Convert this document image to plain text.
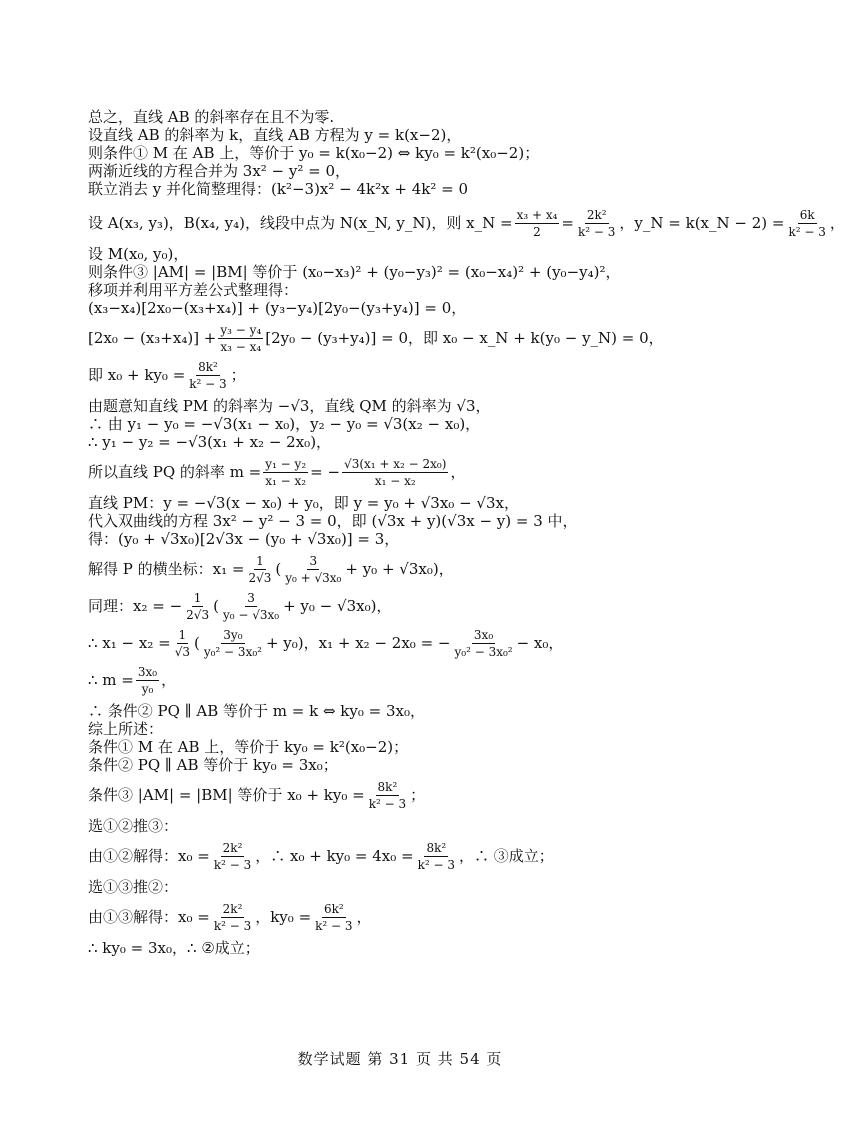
总之，直线 AB 的斜率存在且不为零.

设直线 AB 的斜率为 k，直线 AB 方程为 y = k(x−2)，

则条件① M 在 AB 上，等价于 y₀ = k(x₀−2) ⇔ ky₀ = k²(x₀−2)；

两渐近线的方程合并为 3x² − y² = 0，

联立消去 y 并化简整理得：(k²−3)x² − 4k²x + 4k² = 0

设 A(x₃, y₃)，B(x₄, y₄)，线段中点为 N(x_N, y_N)，则 x_N = $\frac{\text{x₃ + x₄}}{2} = \frac{\text{2k²}}{\text{k² − 3}}$ ，y_N = k(x_N − $2) = \frac{6k}{\text{k² − 3}}$ ，

设 M(x₀, y₀)，

则条件③ |AM| = |BM| 等价于 (x₀−x₃)² + (y₀−y₃)² = (x₀−x₄)² + (y₀−y₄)²，

移项并利用平方差公式整理得：

(x₃−x₄)[2x₀−(x₃+x₄)] + (y₃−y₄)[2y₀−(y₃+y₄)] = 0，

$[2x_0 - (x_3+x_4)] + \frac{\text{y₃ − y₄}}{\text{x₃ − x₄}} [2y_0 - (y_3+y_4)] = 0$，即 x₀ − x_N + k(y₀ − y_N) = 0，

即 $x_0 + ky_0 = \frac{\text{8k²}}{\text{k² − 3}}$ ；

由题意知直线 PM 的斜率为 −√3，直线 QM 的斜率为 √3，

∴ 由 y₁ − y₀ = −√3(x₁ − x₀)，y₂ − y₀ = √3(x₂ − x₀)，

∴ y₁ − y₂ = −√3(x₁ + x₂ − 2x₀)，

所以直线 PQ 的斜率 $m = \frac{\text{y₁ − y₂}}{\text{x₁ − x₂}}$ = − $\frac{\text{√3(x₁ + x₂ − 2x₀)}}{\text{x₁ − x₂}}$ ，

直线 PM：y = −√3(x − x₀) + y₀，即 y = y₀ + √3x₀ − √3x，

代入双曲线的方程 3x² − y² − 3 = 0，即 (√3x + y)(√3x − y) = 3 中，

得：(y₀ + √3x₀)[2√3x − (y₀ + √3x₀)] = 3，

解得 P 的横坐标：$x_1 = \frac{1}{2√3}$ ( $\frac{3}{\text{y₀ + √3x₀}} + y_0 + √3x_0$)，

同理：x₂ = − $\frac{1}{2√3}$ ( $\frac{3}{\text{y₀ − √3x₀}} + y_0 - √3x_0$)，

∴ $x_1 - x_2 = \frac{1}{√3}$ ( $\frac{\text{3y₀}}{\text{y₀² − 3x₀²}} + y_0$)，x₁ + x₂ − 2x₀ = − $\frac{\text{3x₀}}{\text{y₀² − 3x₀²}} - x_0$，

∴ $m = \frac{\text{3x₀}}{\text{y₀}}$ ，

∴ 条件② PQ ∥ AB 等价于 m = k ⇔ ky₀ = 3x₀，

综上所述：

条件① M 在 AB 上，等价于 ky₀ = k²(x₀−2)；

条件② PQ ∥ AB 等价于 ky₀ = 3x₀；

条件③ |AM| = |BM| 等价于 $x_0 + ky_0 = \frac{\text{8k²}}{\text{k² − 3}}$ ；

选①②推③：

由①②解得：$x_0 = \frac{\text{2k²}}{\text{k² − 3}}$ ，∴ $x_0 + ky_0 = 4x_0 = \frac{\text{8k²}}{\text{k² − 3}}$ ，∴ ③成立；

选①③推②：

由①③解得：$x_0 = \frac{\text{2k²}}{\text{k² − 3}}$ ，$ky_0 = \frac{\text{6k²}}{\text{k² − 3}}$ ，

∴ ky₀ = 3x₀，∴ ②成立；

数学试题 第 31 页 共 54 页
